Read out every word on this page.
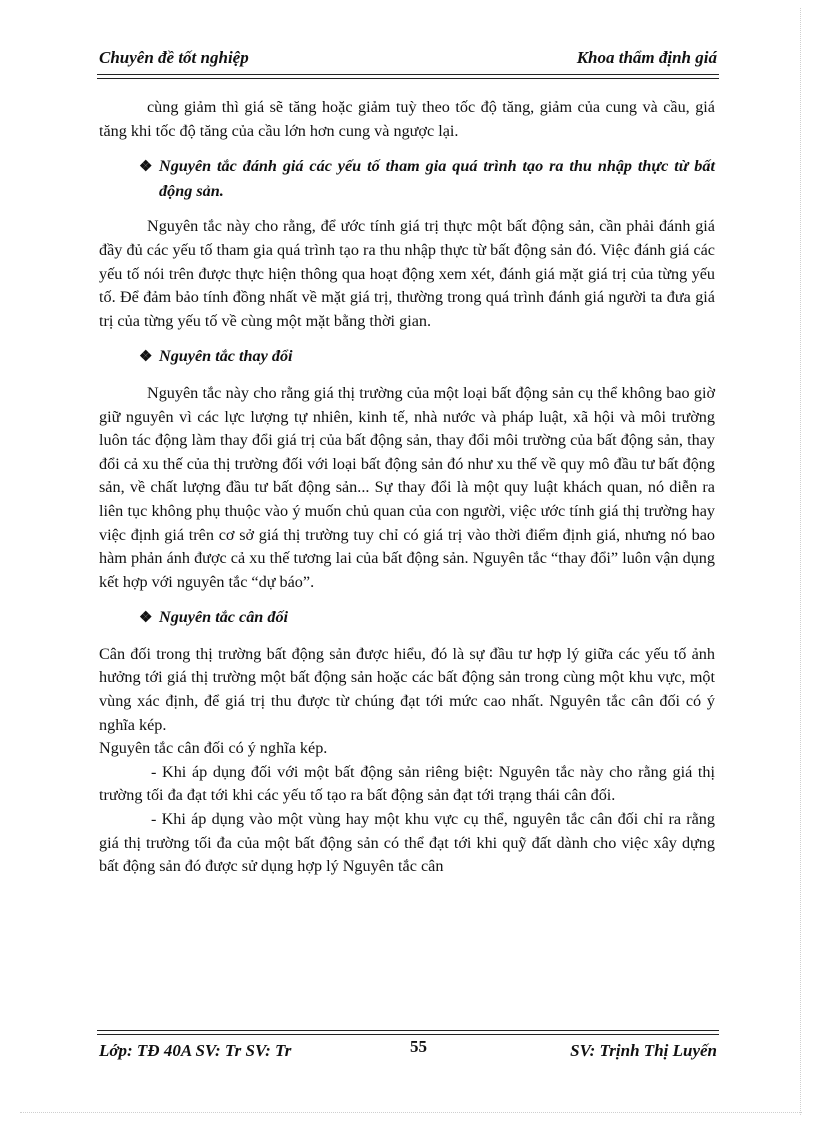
Chuyên đề tốt nghiệp	Khoa thẩm định giá

cùng giảm thì giá sẽ tăng hoặc giảm tuỳ theo tốc độ tăng, giảm của cung và cầu, giá tăng khi tốc độ tăng của cầu lớn hơn cung và ngược lại.

❖ Nguyên tắc đánh giá các yếu tố tham gia quá trình tạo ra thu nhập thực từ bất động sản.

Nguyên tắc này cho rằng, để ước tính giá trị thực một bất động sản, cần phải đánh giá đầy đủ các yếu tố tham gia quá trình tạo ra thu nhập thực từ bất động sản đó. Việc đánh giá các yếu tố nói trên được thực hiện thông qua hoạt động xem xét, đánh giá mặt giá trị của từng yếu tố. Để đảm bảo tính đồng nhất về mặt giá trị, thường trong quá trình đánh giá người ta đưa giá trị của từng yếu tố về cùng một mặt bằng thời gian.

❖ Nguyên tắc thay đổi

Nguyên tắc này cho rằng giá thị trường của một loại bất động sản cụ thể không bao giờ giữ nguyên vì các lực lượng tự nhiên, kinh tế, nhà nước và pháp luật, xã hội và môi trường luôn tác động làm thay đổi giá trị của bất động sản, thay đổi môi trường của bất động sản, thay đổi cả xu thế của thị trường đối với loại bất động sản đó như xu thế về quy mô đầu tư bất động sản, về chất lượng đầu tư bất động sản... Sự thay đổi là một quy luật khách quan, nó diễn ra liên tục không phụ thuộc vào ý muốn chủ quan của con người, việc ước tính giá thị trường hay việc định giá trên cơ sở giá thị trường tuy chỉ có giá trị vào thời điểm định giá, nhưng nó bao hàm phản ánh được cả xu thế tương lai của bất động sản. Nguyên tắc “thay đổi” luôn vận dụng kết hợp với nguyên tắc “dự báo”.

❖ Nguyên tắc cân đối

Cân đối trong thị trường bất động sản được hiểu, đó là sự đầu tư hợp lý giữa các yếu tố ảnh hưởng tới giá thị trường một bất động sản hoặc các bất động sản trong cùng một khu vực, một vùng xác định, để giá trị thu được từ chúng đạt tới mức cao nhất. Nguyên tắc cân đối có ý nghĩa kép.

Nguyên tắc cân đối có ý nghĩa kép.

- Khi áp dụng đối với một bất động sản riêng biệt: Nguyên tắc này cho rằng giá thị trường tối đa đạt tới khi các yếu tố tạo ra bất động sản đạt tới trạng thái cân đối.

- Khi áp dụng vào một vùng hay một khu vực cụ thể, nguyên tắc cân đối chỉ ra rằng giá thị trường tối đa của một bất động sản có thể đạt tới khi quỹ đất dành cho việc xây dựng bất động sản đó được sử dụng hợp lý Nguyên tắc cân

Lớp: TĐ 40A SV: Tr SV: Tr	55	SV: Trịnh Thị Luyến
